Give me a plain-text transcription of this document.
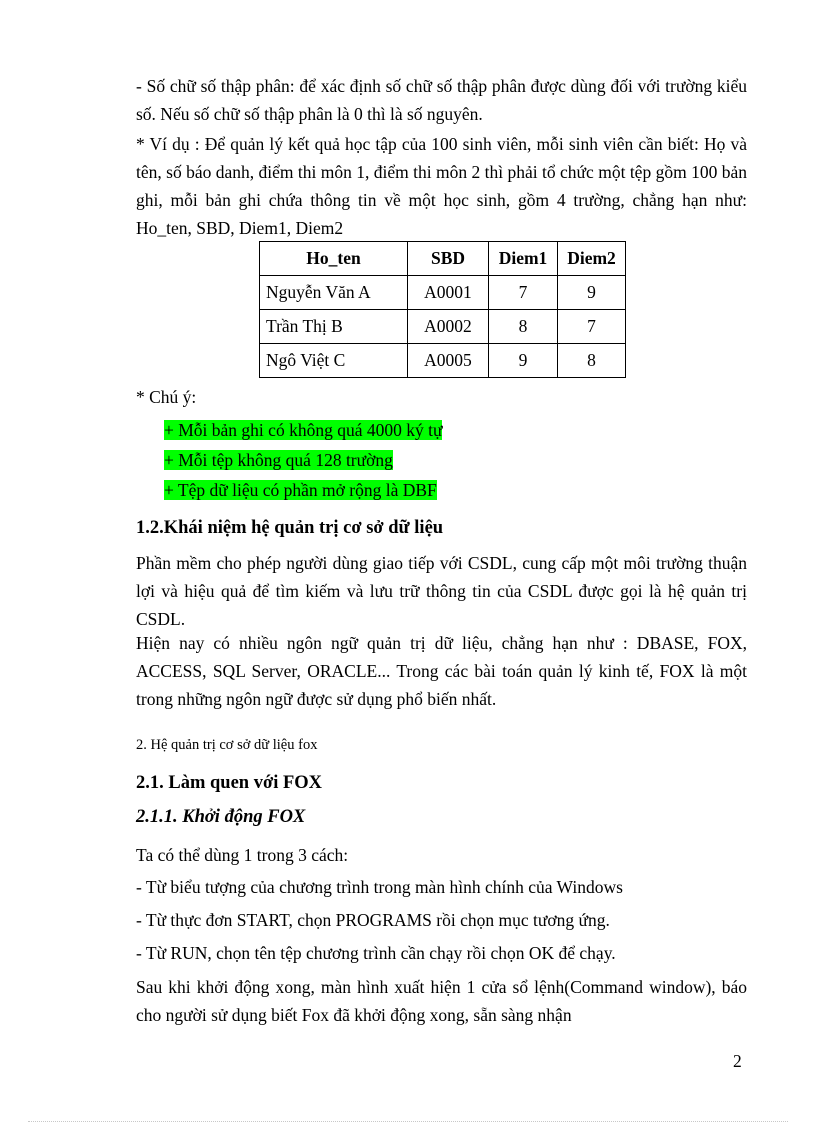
- Số chữ số thập phân: để xác định số chữ số thập phân được dùng đối với trường kiểu số. Nếu số chữ số thập phân là 0 thì là số nguyên.

* Ví dụ : Để quản lý kết quả học tập của 100 sinh viên, mỗi sinh viên cần biết: Họ và tên, số báo danh, điểm thi môn 1, điểm thi môn 2 thì phải tổ chức một tệp gồm 100 bản ghi, mỗi bản ghi chứa thông tin về một học sinh, gồm 4 trường, chẳng hạn như: Ho_ten, SBD, Diem1, Diem2

Ho_ten	SBD	Diem1	Diem2
Nguyễn Văn A	A0001	7	9
Trần Thị B	A0002	8	7
Ngô Việt C	A0005	9	8

* Chú ý:

+ Mỗi bản ghi có không quá 4000 ký tự
+ Mỗi tệp không quá 128 trường
+ Tệp dữ liệu có phần mở rộng là DBF
1.2.Khái niệm hệ quản trị cơ sở dữ liệu

Phần mềm cho phép người dùng giao tiếp với CSDL, cung cấp một môi trường thuận lợi và hiệu quả để tìm kiếm và lưu trữ thông tin của CSDL được gọi là hệ quản trị CSDL.

Hiện nay có nhiều ngôn ngữ quản trị dữ liệu, chẳng hạn như : DBASE, FOX, ACCESS, SQL Server, ORACLE... Trong các bài toán quản lý kinh tế, FOX là một trong những ngôn ngữ được sử dụng phổ biến nhất.

2. Hệ quản trị cơ sở dữ liệu fox

2.1. Làm quen với FOX
2.1.1. Khởi động FOX

Ta có thể dùng 1 trong 3 cách:

- Từ biểu tượng của chương trình trong màn hình chính của Windows

- Từ thực đơn START, chọn PROGRAMS rồi chọn mục tương ứng.

- Từ RUN, chọn tên tệp chương trình cần chạy rồi chọn OK để chạy.

Sau khi khởi động xong, màn hình xuất hiện 1 cửa sổ lệnh(Command window), báo cho người sử dụng biết Fox đã khởi động xong, sẵn sàng nhận

2
